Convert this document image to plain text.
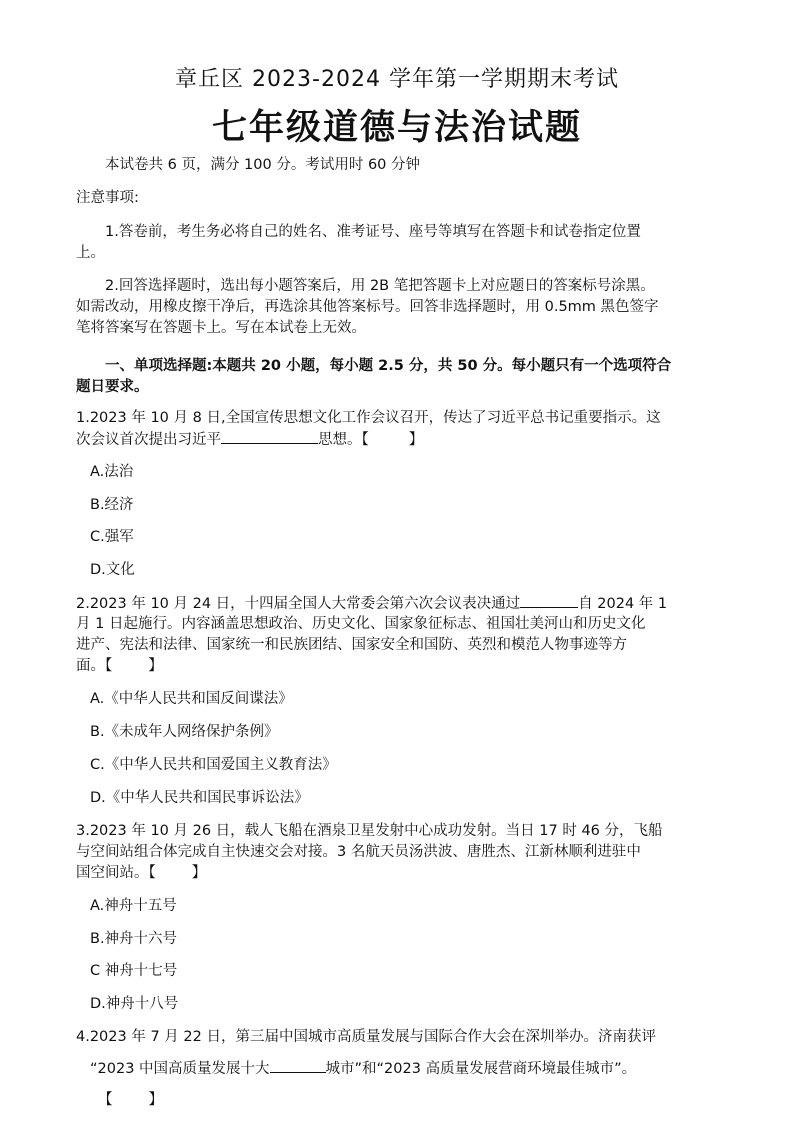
章丘区 2023-2024 学年第一学期期末考试
七年级道德与法治试题
本试卷共 6 页，满分 100 分。考试用时 60 分钟
注意事项:
1.答卷前，考生务必将自己的姓名、准考证号、座号等填写在答题卡和试卷指定位置
上。
2.回答选择题时，选出每小题答案后，用 2B 笔把答题卡上对应题日的答案标号涂黑。
如需改动，用橡皮擦干净后，再选涂其他答案标号。回答非选择题时，用 0.5mm 黑色签字
笔将答案写在答题卡上。写在本试卷上无效。
一、单项选择题:本题共 20 小题，每小题 2.5 分，共 50 分。每小题只有一个选项符合
题日要求。
1.2023 年 10 月 8 日,全国宣传思想文化工作会议召开，传达了习近平总书记重要指示。这
次会议首次提出习近平	思想。【	】
A.法治
B.经济
C.强军
D.文化
2.2023 年 10 月 24 日，十四届全国人大常委会第六次会议表决通过	自 2024 年 1
月 1 日起施行。内容涵盖思想政治、历史文化、国家象征标志、祖国壮美河山和历史文化
进产、宪法和法律、国家统一和民族团结、国家安全和国防、英烈和模范人物事迹等方
面。【 】
A.《中华人民共和国反间谍法》
B.《未成年人网络保护条例》
C.《中华人民共和国爱国主义教育法》
D.《中华人民共和国民事诉讼法》
3.2023 年 10 月 26 日，载人飞船在酒泉卫星发射中心成功发射。当日 17 时 46 分，飞船
与空间站组合体完成自主快速交会对接。3 名航天员汤洪波、唐胜杰、江新林顺利进驻中
国空间站。【 】
A.神舟十五号
B.神舟十六号
C 神舟十七号
D.神舟十八号
4.2023 年 7 月 22 日，第三届中国城市高质量发展与国际合作大会在深圳举办。济南获评
“2023 中国高质量发展十大	城市”和“2023 高质量发展营商环境最佳城市”。
【 】
